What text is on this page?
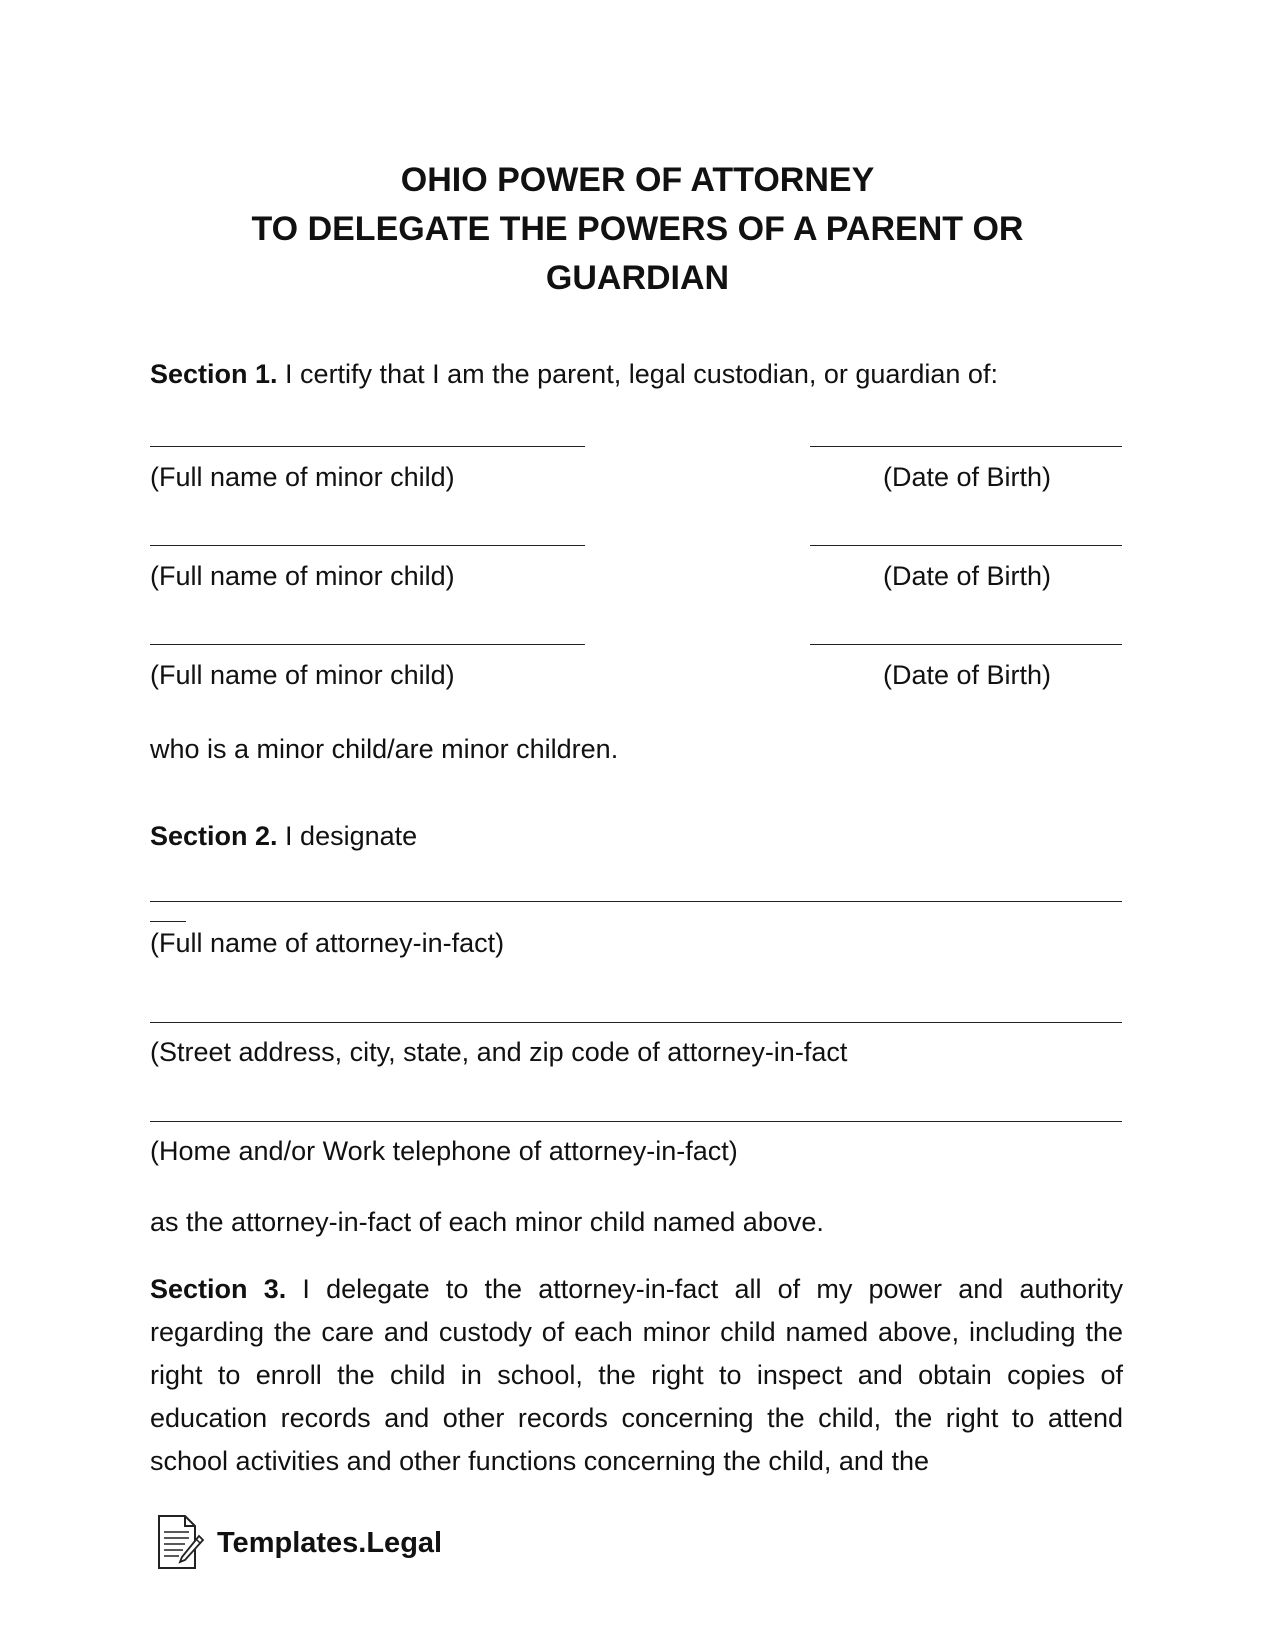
OHIO POWER OF ATTORNEY
TO DELEGATE THE POWERS OF A PARENT OR
GUARDIAN
Section 1. I certify that I am the parent, legal custodian, or guardian of:
(Full name of minor child)	(Date of Birth)
(Full name of minor child)	(Date of Birth)
(Full name of minor child)	(Date of Birth)
who is a minor child/are minor children.
Section 2. I designate
(Full name of attorney-in-fact)
(Street address, city, state, and zip code of attorney-in-fact
(Home and/or Work telephone of attorney-in-fact)
as the attorney-in-fact of each minor child named above.
Section 3. I delegate to the attorney-in-fact all of my power and authority regarding the care and custody of each minor child named above, including the right to enroll the child in school, the right to inspect and obtain copies of education records and other records concerning the child, the right to attend school activities and other functions concerning the child, and the
Templates.Legal
